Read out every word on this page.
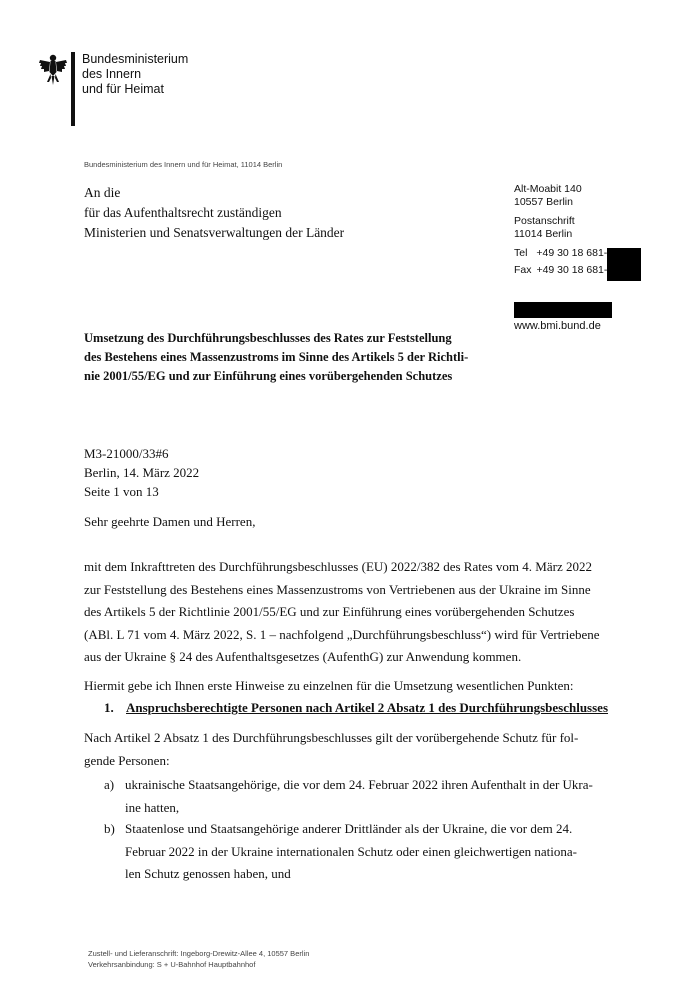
Bundesministerium
des Innern
und für Heimat
Bundesministerium des Innern und für Heimat, 11014 Berlin
An die
für das Aufenthaltsrecht zuständigen
Ministerien und Senatsverwaltungen der Länder
Alt-Moabit 140
10557 Berlin
Postanschrift
11014 Berlin
Tel +49 30 18 681-
Fax +49 30 18 681-
www.bmi.bund.de
Umsetzung des Durchführungsbeschlusses des Rates zur Feststellung
des Bestehens eines Massenzustroms im Sinne des Artikels 5 der Richtli-
nie 2001/55/EG und zur Einführung eines vorübergehenden Schutzes
M3-21000/33#6
Berlin, 14. März 2022
Seite 1 von 13
Sehr geehrte Damen und Herren,
mit dem Inkrafttreten des Durchführungsbeschlusses (EU) 2022/382 des Rates vom 4. März 2022
zur Feststellung des Bestehens eines Massenzustroms von Vertriebenen aus der Ukraine im Sinne
des Artikels 5 der Richtlinie 2001/55/EG und zur Einführung eines vorübergehenden Schutzes
(ABl. L 71 vom 4. März 2022, S. 1 – nachfolgend „Durchführungsbeschluss“) wird für Vertriebene
aus der Ukraine § 24 des Aufenthaltsgesetzes (AufenthG) zur Anwendung kommen.
Hiermit gebe ich Ihnen erste Hinweise zu einzelnen für die Umsetzung wesentlichen Punkten:
1. Anspruchsberechtigte Personen nach Artikel 2 Absatz 1 des Durchführungsbeschlusses
Nach Artikel 2 Absatz 1 des Durchführungsbeschlusses gilt der vorübergehende Schutz für fol-
gende Personen:
a) ukrainische Staatsangehörige, die vor dem 24. Februar 2022 ihren Aufenthalt in der Ukra-
ine hatten,
b) Staatenlose und Staatsangehörige anderer Drittländer als der Ukraine, die vor dem 24.
Februar 2022 in der Ukraine internationalen Schutz oder einen gleichwertigen nationa-
len Schutz genossen haben, und
Zustell- und Lieferanschrift: Ingeborg-Drewitz-Allee 4, 10557 Berlin
Verkehrsanbindung: S + U-Bahnhof Hauptbahnhof
